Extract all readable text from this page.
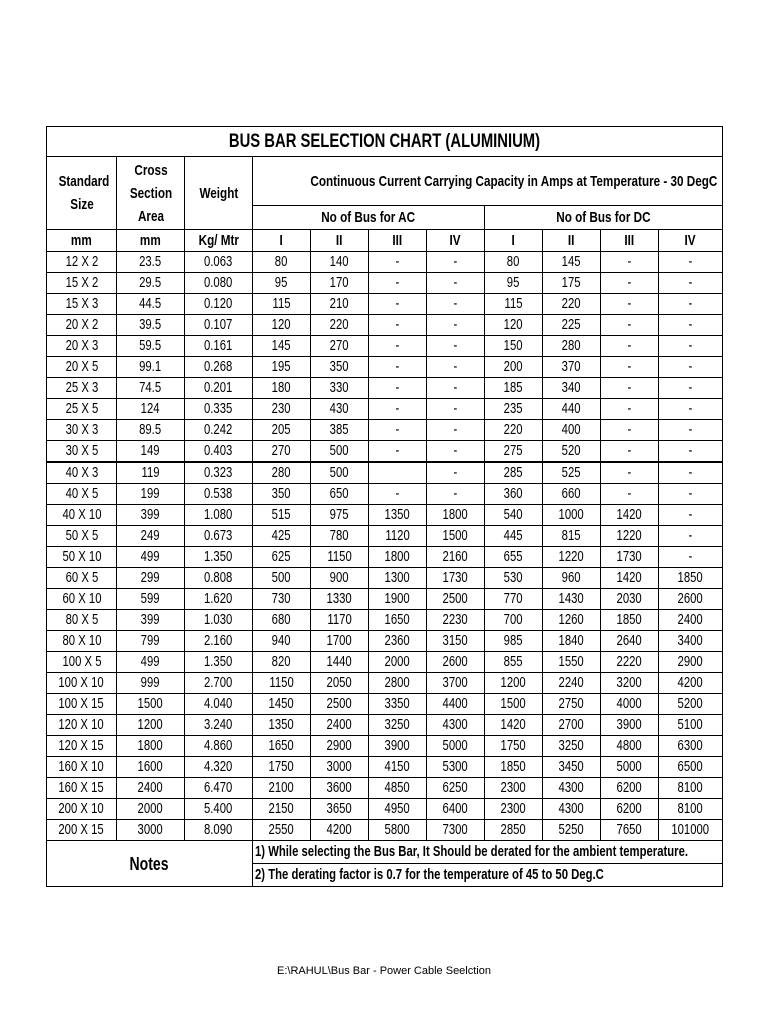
BUS BAR SELECTION CHART (ALUMINIUM)										
Standard Size	Cross Section Area	Weight	Continuous Current Carrying Capacity in Amps at Temperature - 30 DegC							
			No of Bus for AC				No of Bus for DC			
mm	mm	Kg/ Mtr	I	II	III	IV	I	II	III	IV
12 X 2	23.5	0.063	80	140	-	-	80	145	-	-
15 X 2	29.5	0.080	95	170	-	-	95	175	-	-
15 X 3	44.5	0.120	115	210	-	-	115	220	-	-
20 X 2	39.5	0.107	120	220	-	-	120	225	-	-
20 X 3	59.5	0.161	145	270	-	-	150	280	-	-
20 X 5	99.1	0.268	195	350	-	-	200	370	-	-
25 X 3	74.5	0.201	180	330	-	-	185	340	-	-
25 X 5	124	0.335	230	430	-	-	235	440	-	-
30 X 3	89.5	0.242	205	385	-	-	220	400	-	-
30 X 5	149	0.403	270	500	-	-	275	520	-	-
40 X 3	119	0.323	280	500		-	285	525	-	-
40 X 5	199	0.538	350	650	-	-	360	660	-	-
40 X 10	399	1.080	515	975	1350	1800	540	1000	1420	-
50 X 5	249	0.673	425	780	1120	1500	445	815	1220	-
50 X 10	499	1.350	625	1150	1800	2160	655	1220	1730	-
60 X 5	299	0.808	500	900	1300	1730	530	960	1420	1850
60 X 10	599	1.620	730	1330	1900	2500	770	1430	2030	2600
80 X 5	399	1.030	680	1170	1650	2230	700	1260	1850	2400
80 X 10	799	2.160	940	1700	2360	3150	985	1840	2640	3400
100 X 5	499	1.350	820	1440	2000	2600	855	1550	2220	2900
100 X 10	999	2.700	1150	2050	2800	3700	1200	2240	3200	4200
100 X 15	1500	4.040	1450	2500	3350	4400	1500	2750	4000	5200
120 X 10	1200	3.240	1350	2400	3250	4300	1420	2700	3900	5100
120 X 15	1800	4.860	1650	2900	3900	5000	1750	3250	4800	6300
160 X 10	1600	4.320	1750	3000	4150	5300	1850	3450	5000	6500
160 X 15	2400	6.470	2100	3600	4850	6250	2300	4300	6200	8100
200 X 10	2000	5.400	2150	3650	4950	6400	2300	4300	6200	8100
200 X 15	3000	8.090	2550	4200	5800	7300	2850	5250	7650	101000
Notes			1) While selecting the Bus Bar, It Should be derated for the ambient temperature.							
			2) The derating factor is 0.7 for the temperature of 45 to 50 Deg.C							
E:\RAHUL\Bus Bar - Power Cable Seelction
